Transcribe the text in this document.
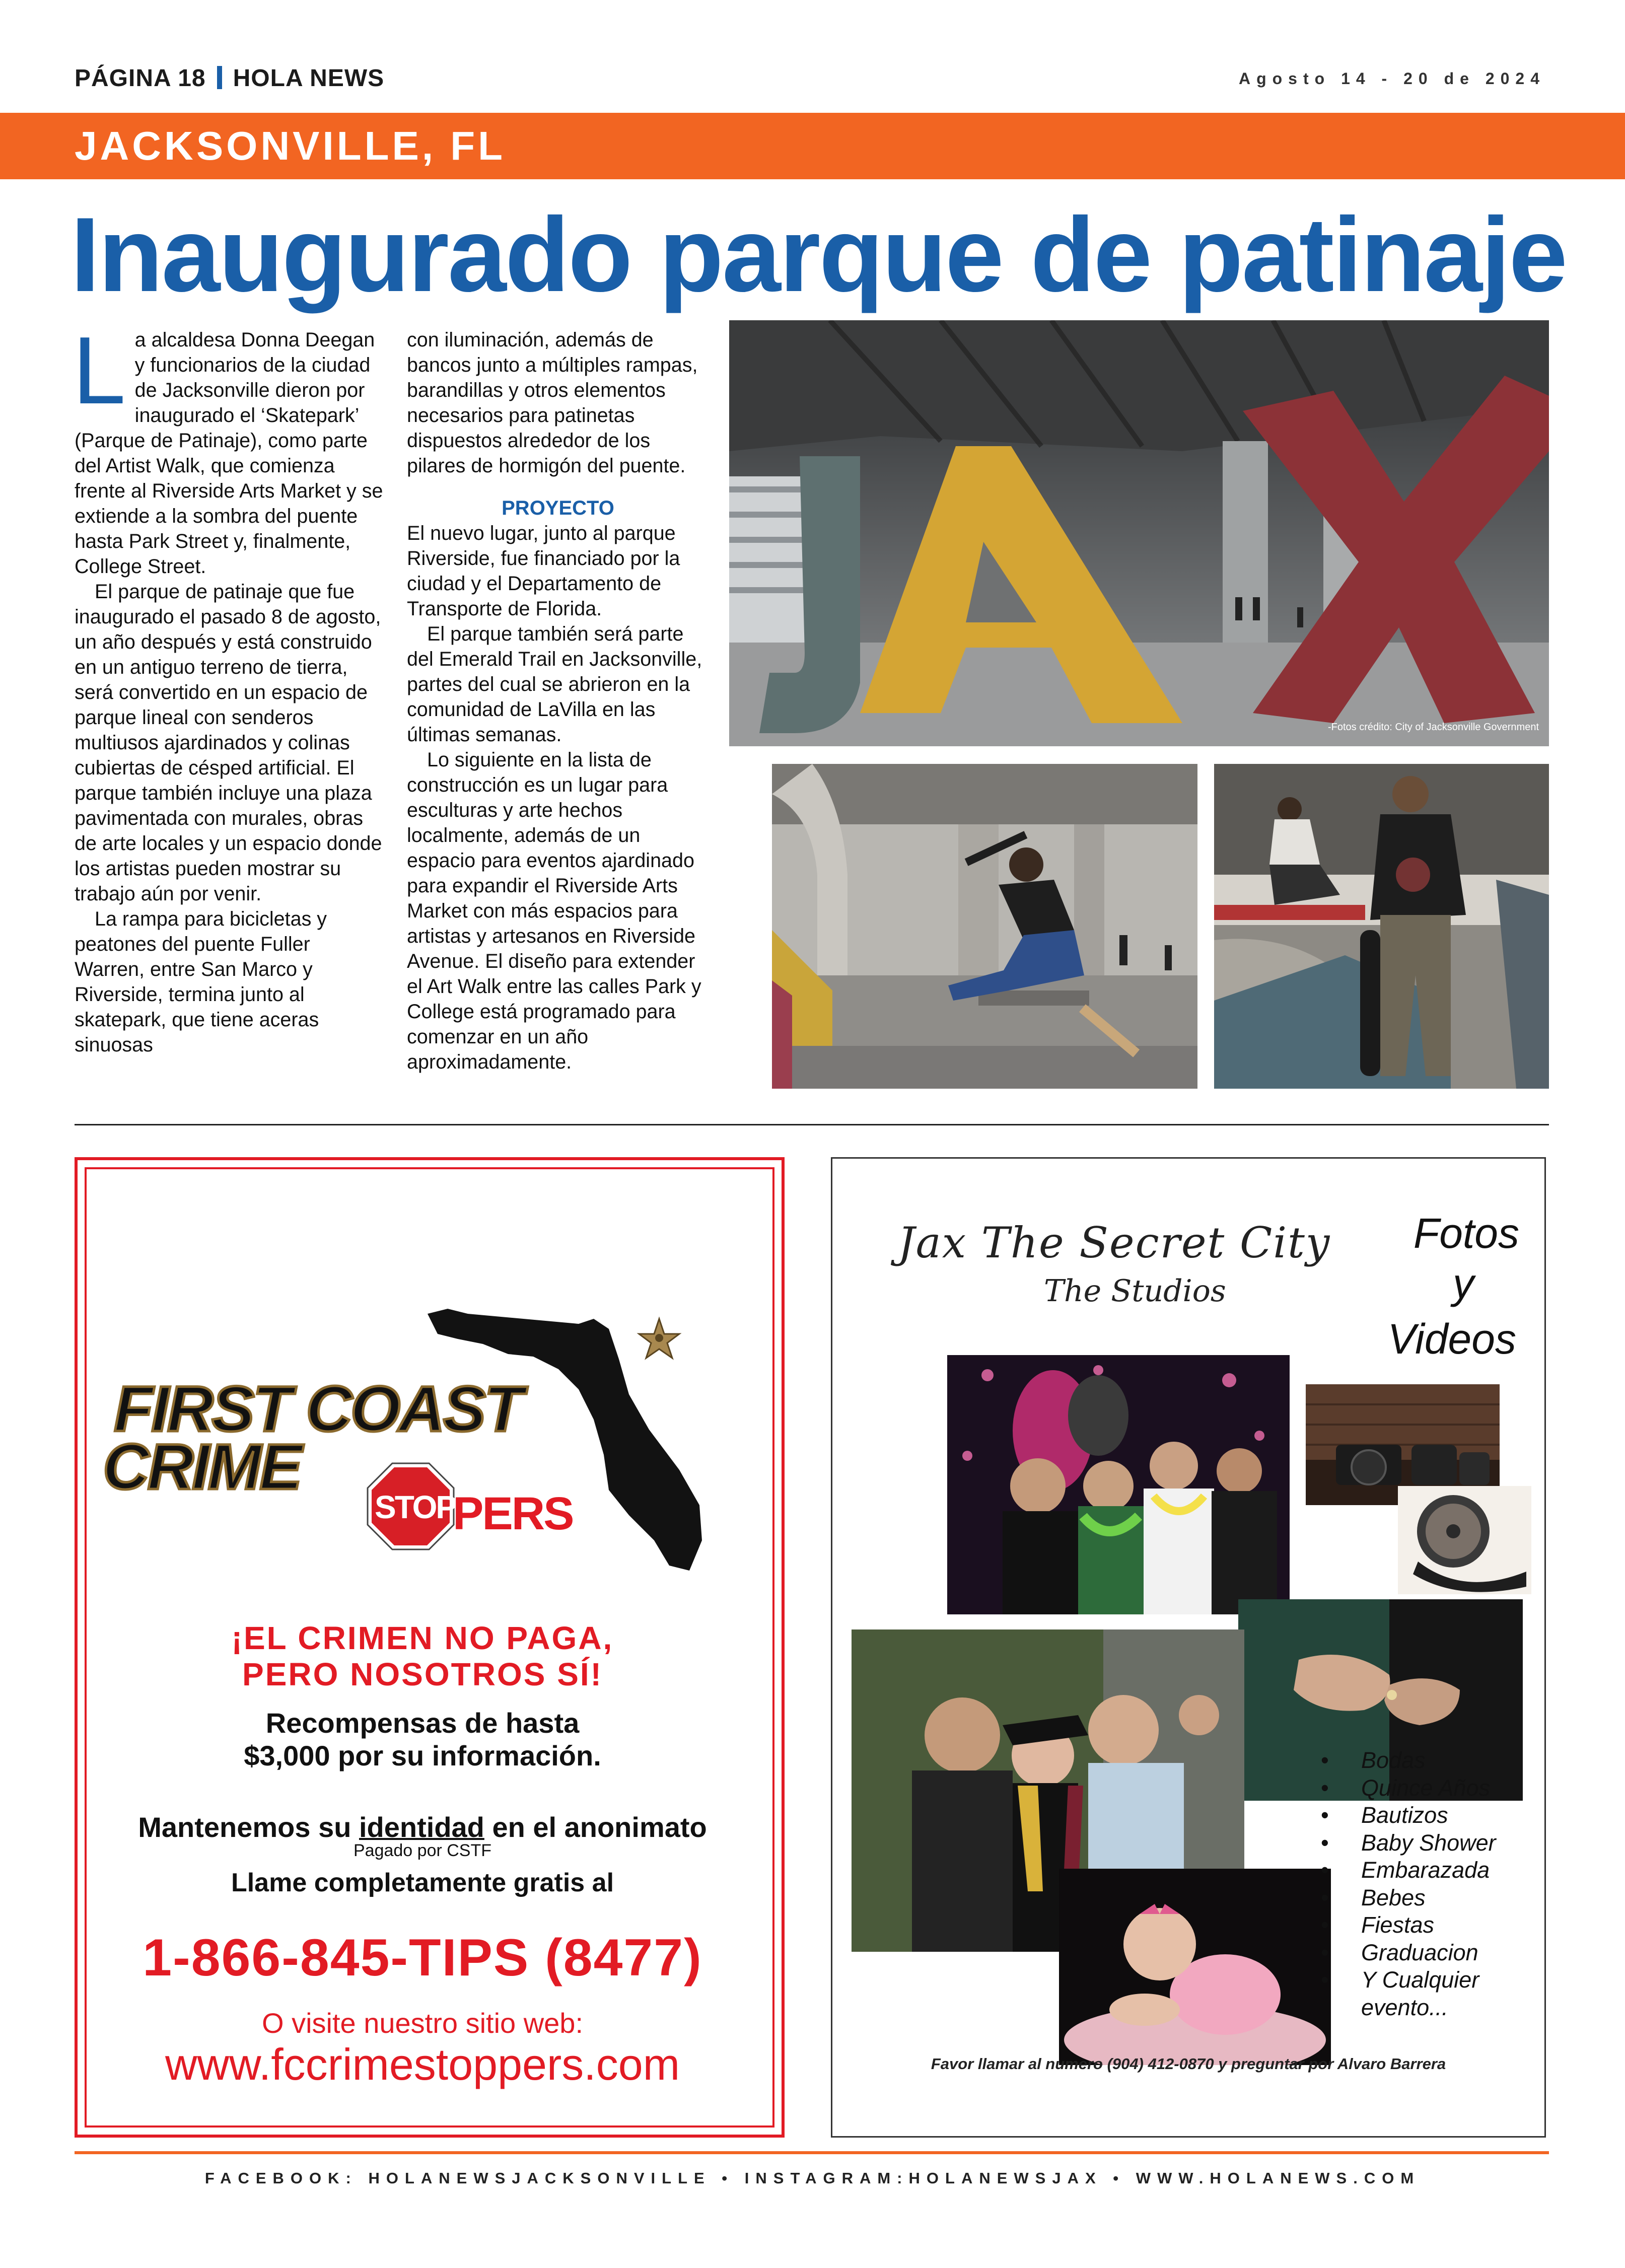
PÁGINA 18 HOLA NEWS	Agosto 14 - 20 de 2024
JACKSONVILLE, FL
Inaugurado parque de patinaje
L a alcaldesa Donna Deegan y funcionarios de la ciudad de Jacksonville dieron por inaugurado el ‘Skatepark’ (Parque de Patinaje), como parte del Artist Walk, que comienza frente al Riverside Arts Market y se extiende a la sombra del puente hasta Park Street y, finalmente, College Street.

El parque de patinaje que fue inaugurado el pasado 8 de agosto, un año después y está construido en un antiguo terreno de tierra, será convertido en un espacio de parque lineal con senderos multiusos ajardinados y colinas cubiertas de césped artificial. El parque también incluye una plaza pavimentada con murales, obras de arte locales y un espacio donde los artistas pueden mostrar su trabajo aún por venir.

La rampa para bicicletas y peatones del puente Fuller Warren, entre San Marco y Riverside, termina junto al skatepark, que tiene aceras sinuosas

con iluminación, además de bancos junto a múltiples rampas, barandillas y otros elementos necesarios para patinetas dispuestos alrededor de los pilares de hormigón del puente.

PROYECTO

El nuevo lugar, junto al parque Riverside, fue financiado por la ciudad y el Departamento de Transporte de Florida.

El parque también será parte del Emerald Trail en Jacksonville, partes del cual se abrieron en la comunidad de LaVilla en las últimas semanas.

Lo siguiente en la lista de construcción es un lugar para esculturas y arte hechos localmente, además de un espacio para eventos ajardinado para expandir el Riverside Arts Market con más espacios para artistas y artesanos en Riverside Avenue. El diseño para extender el Art Walk entre las calles Park y College está programado para comenzar en un año aproximadamente.

-Fotos crédito: City of Jacksonville Government
FIRST COAST
CRIME
STOP
PERS
¡EL CRIMEN NO PAGA,
PERO NOSOTROS SÍ!
Recompensas de hasta
$3,000 por su información.
Mantenemos su identidad en el anonimato
Pagado por CSTF
Llame completamente gratis al
1-866-845-TIPS (8477)
O visite nuestro sitio web:
www.fccrimestoppers.com
Jax The Secret City
The Studios
Fotos
y
Videos
• Bodas
• Quince Años
• Bautizos
• Baby Shower
• Embarazada
• Bebes
• Fiestas
• Graduacion
• Y Cualquier
evento...
Favor llamar al numero (904) 412-0870 y preguntar por Alvaro Barrera
FACEBOOK: HOLANEWSJACKSONVILLE • INSTAGRAM:HOLANEWSJAX • WWW.HOLANEWS.COM
